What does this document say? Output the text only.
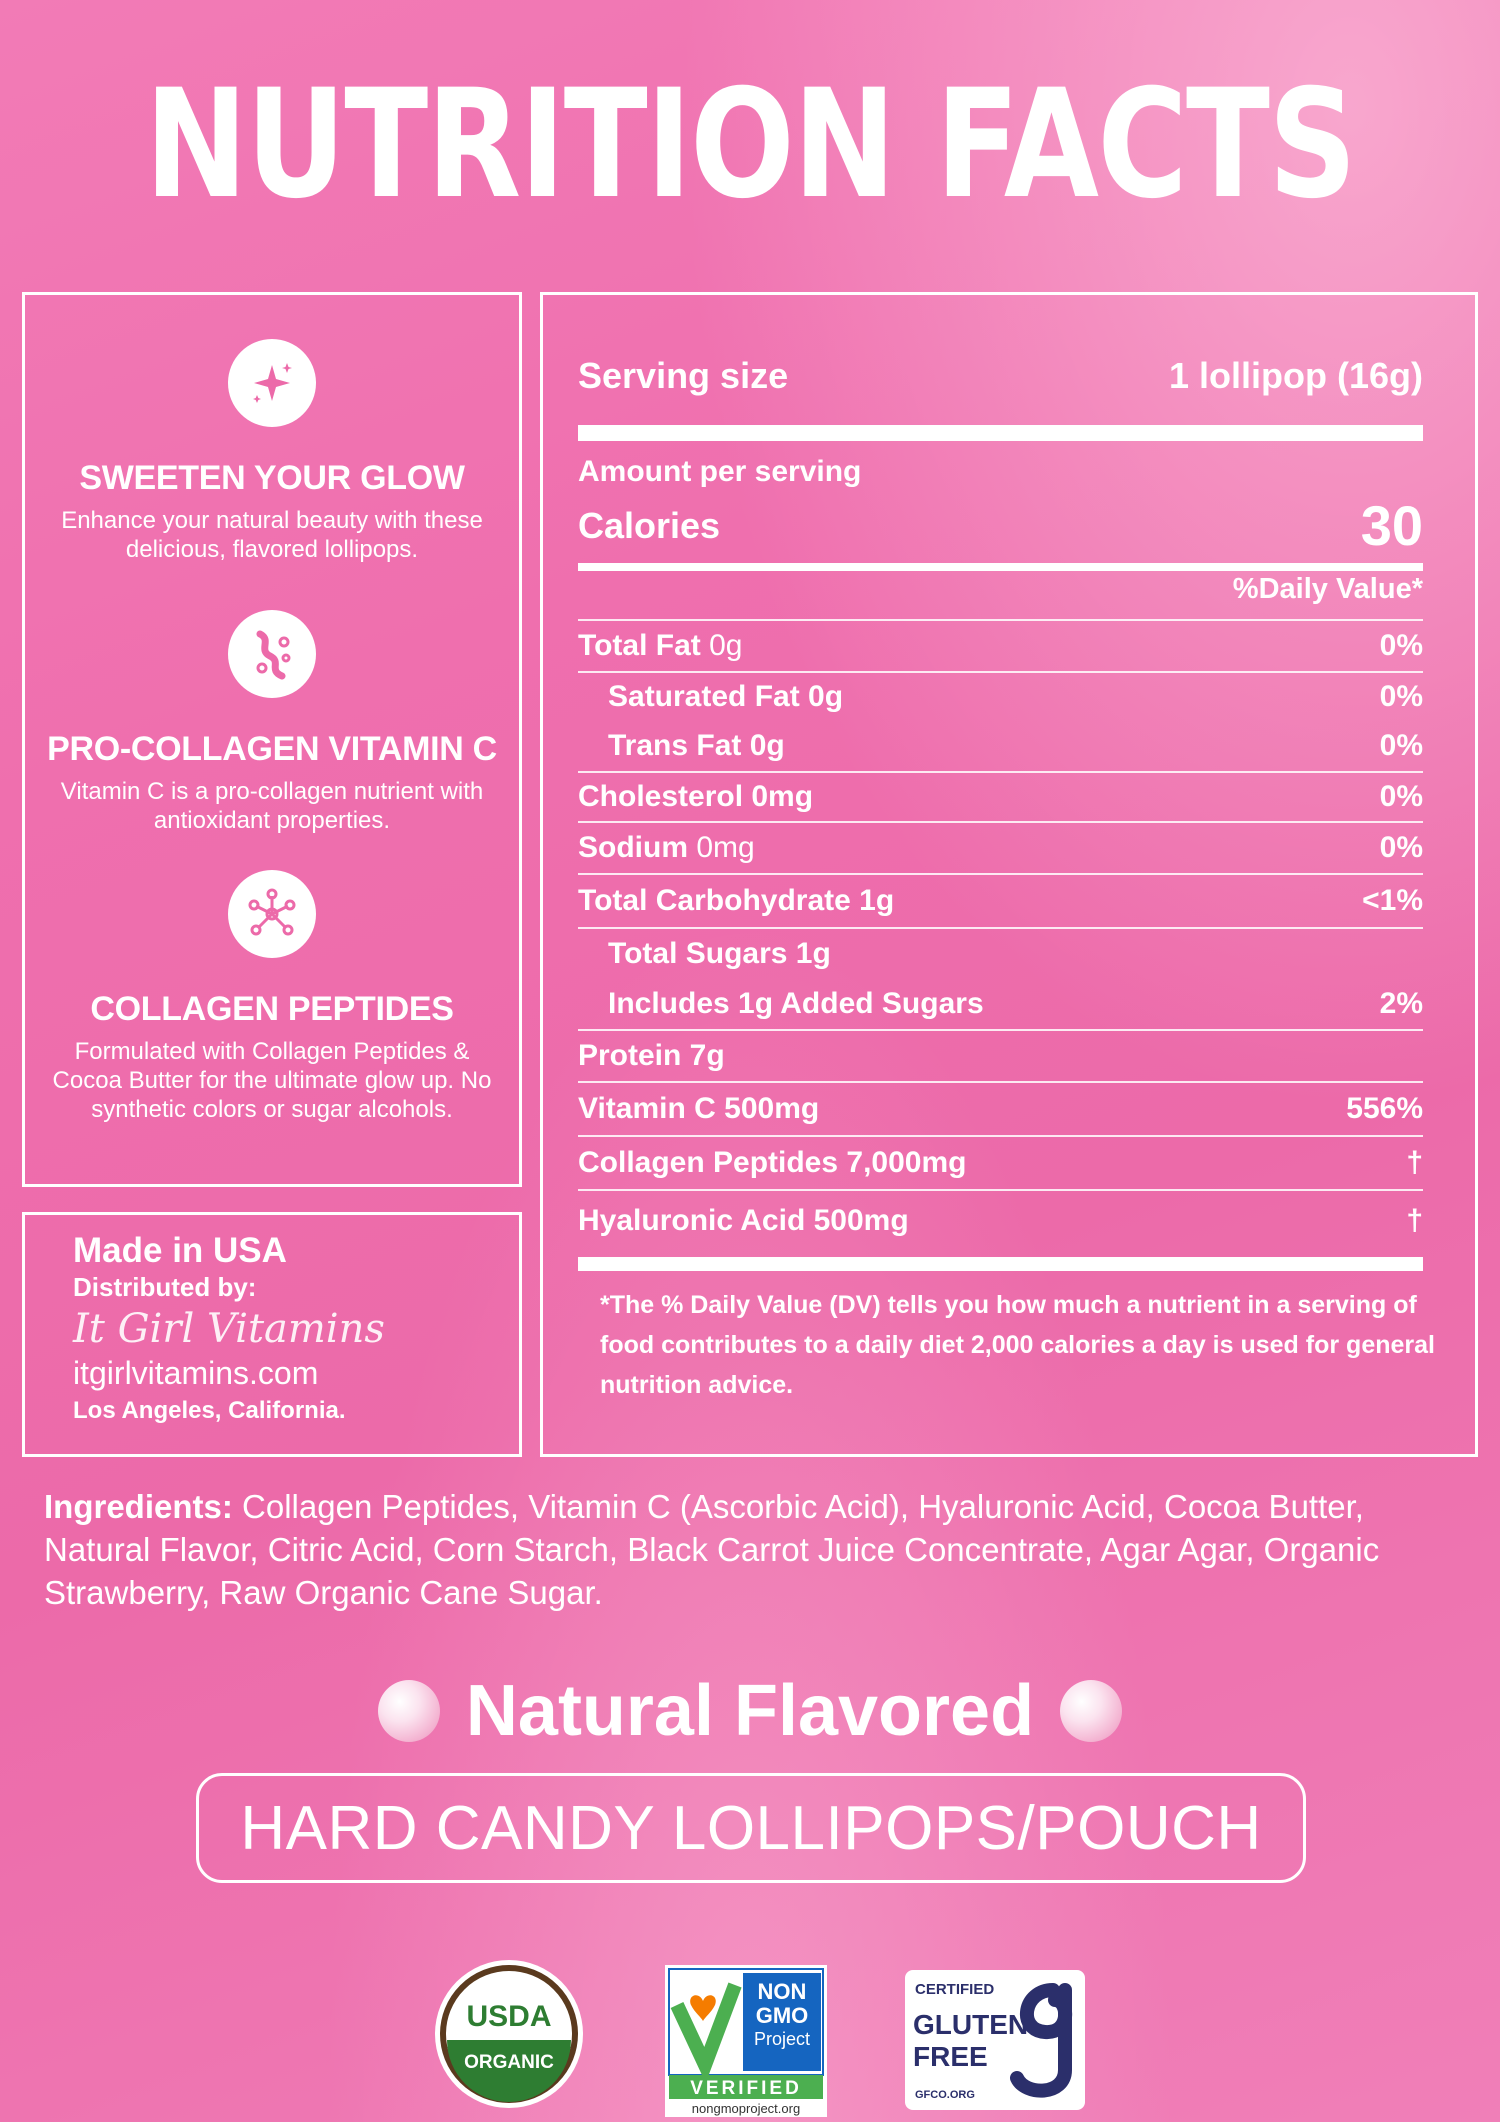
NUTRITION FACTS
SWEETEN YOUR GLOW

Enhance your natural beauty with these delicious, flavored lollipops.

PRO-COLLAGEN VITAMIN C

Vitamin C is a pro-collagen nutrient with antioxidant properties.

COLLAGEN PEPTIDES

Formulated with Collagen Peptides & Cocoa Butter for the ultimate glow up. No synthetic colors or sugar alcohols.

Made in USA
Distributed by:
It Girl Vitamins
itgirlvitamins.com
Los Angeles, California.
Serving size	1 lollipop (16g)
Amount per serving
Calories	30
%Daily Value*
Total Fat 0g	0%
Saturated Fat 0g	0%
Trans Fat 0g	0%
Cholesterol 0mg	0%
Sodium 0mg	0%
Total Carbohydrate 1g	<1%
Total Sugars 1g
Includes 1g Added Sugars	2%
Protein 7g
Vitamin C 500mg	556%
Collagen Peptides 7,000mg	†
Hyaluronic Acid 500mg	†
*The % Daily Value (DV) tells you how much a nutrient in a serving of food contributes to a daily diet 2,000 calories a day is used for general nutrition advice.
Ingredients: Collagen Peptides, Vitamin C (Ascorbic Acid), Hyaluronic Acid, Cocoa Butter, Natural Flavor, Citric Acid, Corn Starch, Black Carrot Juice Concentrate, Agar Agar, Organic Strawberry, Raw Organic Cane Sugar.
Natural Flavored
HARD CANDY LOLLIPOPS/POUCH
USDA
ORGANIC
NON
GMO
Project
VERIFIED
nongmoproject.org
CERTIFIED
GLUTEN
FREE
GFCO.ORG
